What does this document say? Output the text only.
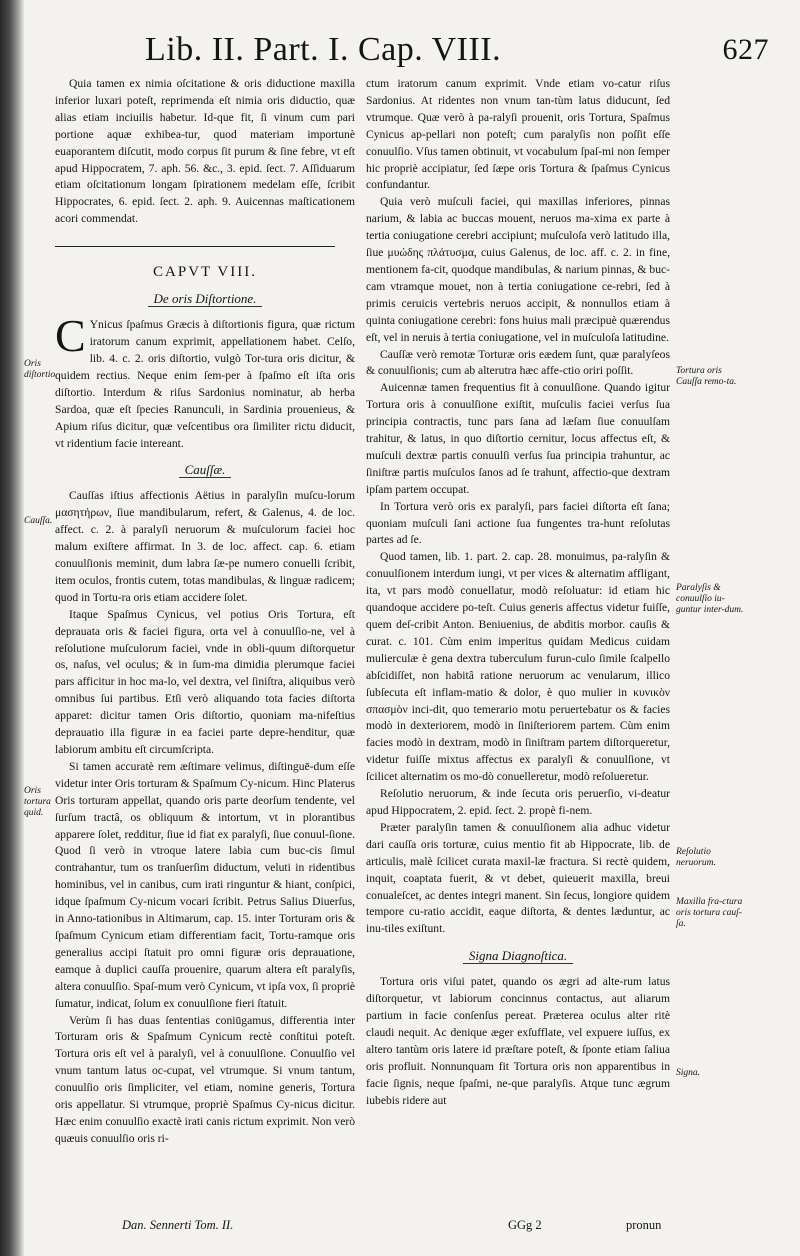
Lib. II. Part. I. Cap. VIII.	627

Quia tamen ex nimia oſcitatione & oris diductione maxilla inferior luxari poteſt, reprimenda eſt nimia oris diductio, quæ alias etiam inciuilis habetur. Id-que fit, ſi vinum cum pari portione aquæ exhibea-tur, quod materiam importunè euaporantem diſcutit, modo corpus ſit purum & ſine febre, vt eſt apud Hippocratem, 7. aph. 56. &c., 3. epid. ſect. 7. Aſſiduarum etiam oſcitationum longam ſpirationem medelam eſſe, ſcribit Hippocrates, 6. epid. ſect. 2. aph. 9. Auicennas maſticationem acori commendat.

CAPVT VIII.
De oris Diſtortione.

C Ynicus ſpaſmus Græcis à diſtortionis figura, quæ rictum iratorum canum exprimit, appellationem habet. Celſo, lib. 4. c. 2. oris diſtortio, vulgò Tor-tura oris dicitur, & quidem rectius. Neque enim ſem-per à ſpaſmo eſt iſta oris diſtortio. Interdum & riſus Sardonius nominatur, ab herba Sardoa, quæ eſt ſpecies Ranunculi, in Sardinia prouenieus, & Apium riſus dicitur, quæ veſcentibus ora ſimiliter rictu diducit, vt ridentium facie intereant.

Cauſſæ.

Cauſſas iſtius affectionis Aëtius in paralyſin muſcu-lorum μασητήρων, ſiue mandibularum, refert, & Galenus, 4. de loc. affect. c. 2. à paralyſi neruorum & muſculorum faciei hoc malum exiſtere affirmat. In 3. de loc. affect. cap. 6. etiam conuulſionis meminit, dum labra ſæ-pe numero conuelli ſcribit, item oculos, frontis cutem, totas mandibulas, & linguæ radicem; quod in Tortu-ra oris etiam accidere ſolet.

Itaque Spaſmus Cynicus, vel potius Oris Tortura, eſt deprauata oris & faciei figura, orta vel à conuulſio-ne, vel à reſolutione muſculorum faciei, vnde in obli-quum diſtorquetur os, naſus, vel oculus; & in ſum-ma dimidia plerumque faciei pars afficitur in hoc ma-lo, vel dextra, vel ſiniſtra, aliquibus verò omnibus ſui partibus. Etſi verò aliquando tota facies diſtorta apparet: dicitur tamen Oris diſtortio, quoniam ma-nifeſtius deprauatio illa figuræ in ea faciei parte depre-henditur, quæ labiorum ambitu eſt circumſcripta.

Si tamen accuratè rem æſtimare velimus, diſtinguē-dum eſſe videtur inter Oris torturam & Spaſmum Cy-nicum. Hinc Platerus Oris torturam appellat, quando oris parte deorſum tendente, vel ſurſum tractâ, os obliquum & intortum, vt in plorantibus apparere ſolet, redditur, ſiue id fiat ex paralyſi, ſiue conuul-ſione. Quod ſi verò in vtroque latere labia cum buc-cis ſimul contrahantur, tum os tranſuerſim diductum, veluti in ridentibus hominibus, vel in canibus, cum irati ringuntur & hiant, conſpici, idque ſpaſmum Cy-nicum vocari ſcribit. Petrus Salius Diuerſus, in Anno-tationibus in Altimarum, cap. 15. inter Torturam oris & ſpaſmum Cynicum etiam differentiam facit, Tortu-ramque oris generalius accipi ſtatuit pro omni figuræ oris deprauatione, eamque à duplici cauſſa prouenire, quarum altera eſt paralyſis, altera conuulſio. Spaſ-mum verò Cynicum, vt ipſa vox, ſi propriè ſumatur, indicat, ſolum ex conuulſione fieri ſtatuit.

Verùm ſi has duas ſententias coniūgamus, differentia inter Torturam oris & Spaſmum Cynicum rectè conſtitui poteſt. Tortura oris eſt vel à paralyſi, vel à conuulſione. Conuulſio vel vnum tantum latus oc-cupat, vel vtrumque. Si vnum tantum, conuulſio oris ſimpliciter, vel etiam, nomine generis, Tortura oris appellatur. Si vtrumque, propriè Spaſmus Cy-nicus dicitur. Hæc enim conuulſio exactè irati canis rictum exprimit. Non verò quæuis conuulſio oris ri-

ctum iratorum canum exprimit. Vnde etiam vo-catur riſus Sardonius. At ridentes non vnum tan-tùm latus diducunt, ſed vtrumque. Quæ verò à pa-ralyſi prouenit, oris Tortura, Spaſmus Cynicus ap-pellari non poteſt; cum paralyſis non poſſit eſſe conuulſio. Vſus tamen obtinuit, vt vocabulum ſpaſ-mi non ſemper hic propriè accipiatur, ſed ſæpe oris Tortura & ſpaſmus Cynicus confundantur.

Quia verò muſculi faciei, qui maxillas inferiores, pinnas narium, & labia ac buccas mouent, neruos ma-xima ex parte à tertia coniugatione cerebri accipiunt; muſculoſa verò latitudo illa, ſiue μυώδης πλάτυσμα, cuius Galenus, de loc. aff. c. 2. in fine, mentionem fa-cit, quodque mandibulas, & narium pinnas, & buc-cam vtramque mouet, non à tertia coniugatione ce-rebri, ſed à primis ceruicis vertebris neruos accipit, & nonnullos etiam à quinta coniugatione cerebri: fons huius mali præcipuè quærendus eſt, vel in neruis à tertia coniugatione, vel in muſculoſa latitudine.

Cauſſæ verò remotæ Torturæ oris eædem ſunt, quæ paralyſeos & conuulſionis; cum ab alterutra hæc affe-ctio oriri poſſit.

Auicennæ tamen frequentius fit à conuulſione. Quando igitur Tortura oris à conuulſione exiſtit, muſculis faciei verſus ſua principia contractis, tunc pars ſana ad læſam ſiue conuulſam trahitur, & latus, in quo diſtortio cernitur, locus affectus eſt, & muſculi dextræ partis conuulſi verſus ſua principia trahuntur, ac ſiniſtræ partis muſculos ſanos ad ſe trahunt, affectio-que dextram ipſam partem occupat.

In Tortura verò oris ex paralyſi, pars faciei diſtorta eſt ſana; quoniam muſculi ſani actione ſua fungentes tra-hunt reſolutas partes ad ſe.

Quod tamen, lib. 1. part. 2. cap. 28. monuimus, pa-ralyſin & conuulſionem interdum iungi, vt per vices & alternatim affligant, ita, vt pars modò conuellatur, modò reſoluatur: id etiam hic quandoque accidere po-teſt. Cuius generis affectus videtur fuiſſe, quem deſ-cribit Anton. Beniuenius, de abditis morbor. cauſis & curat. c. 101. Cùm enim imperitus quidam Medicus cuidam mulierculæ è gena dextra tuberculum furun-culo ſimile ſcalpello abſcidiſſet, non habitâ ratione neruorum ac venularum, illico ſubſecuta eſt inflam-matio & dolor, è quo mulier in κυνικὸν σπασμὸν inci-dit, quo temerario motu peruertebatur os & facies modò in dexteriorem, modò in ſiniſteriorem partem. Cùm enim facies modò in dextram, modò in ſiniſtram partem diſtorqueretur, videtur fuiſſe mixtus affectus ex paralyſi & conuulſione, vt ſcilicet alternatim os mo-dò conuelleretur, modò reſolueretur.

Reſolutio neruorum, & inde ſecuta oris peruerſio, vi-deatur apud Hippocratem, 2. epid. ſect. 2. propè fi-nem.

Præter paralyſin tamen & conuulſionem alia adhuc videtur dari cauſſa oris torturæ, cuius mentio fit ab Hippocrate, lib. de articulis, malè ſcilicet curata maxil-læ fractura. Si rectè quidem, inquit, coaptata fuerit, & vt debet, quieuerit maxilla, breui conualeſcet, ac dentes integri manent. Sin ſecus, longiore quidem tempore cu-ratio accidit, eaque diſtorta, & dentes læduntur, ac inu-tiles exiſtunt.

Signa Diagnoſtica.

Tortura oris viſui patet, quando os ægri ad alte-rum latus diſtorquetur, vt labiorum concinnus contactus, aut aliarum partium in facie conſenſus pereat. Præterea oculus alter ritè claudi nequit. Ac denique æger exſufflate, vel expuere iuſſus, ex altero tantùm oris latere id præſtare poteſt, & ſponte etiam ſaliua oris profluit. Nonnunquam fit Tortura oris non apparentibus in facie ſignis, neque ſpaſmi, ne-que paralyſis. Atque tunc ægrum iubebis ridere aut

Oris diſtortio.
Cauſſa.
Oris tortura quid.
Tortura oris Cauſſa remo-ta.
Paralyſis & conuulſio iu-guntur inter-dum.
Reſolutio neruorum.
Maxilla fra-ctura oris tortura cauſ-ſa.
Signa.
Dan. Sennerti Tom. II.	GGg 2	pronun
